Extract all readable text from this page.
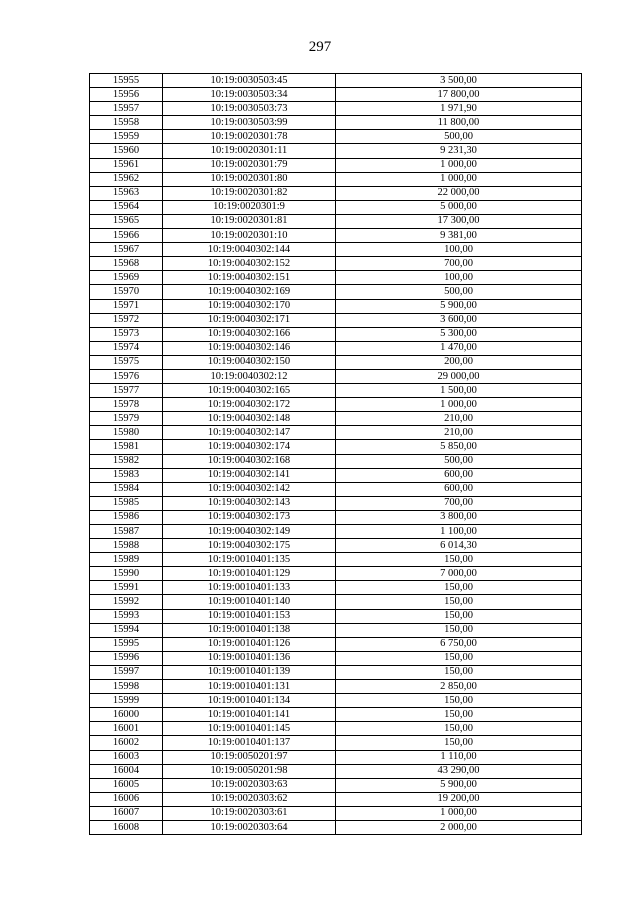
297
15955	10:19:0030503:45	3 500,00
15956	10:19:0030503:34	17 800,00
15957	10:19:0030503:73	1 971,90
15958	10:19:0030503:99	11 800,00
15959	10:19:0020301:78	500,00
15960	10:19:0020301:11	9 231,30
15961	10:19:0020301:79	1 000,00
15962	10:19:0020301:80	1 000,00
15963	10:19:0020301:82	22 000,00
15964	10:19:0020301:9	5 000,00
15965	10:19:0020301:81	17 300,00
15966	10:19:0020301:10	9 381,00
15967	10:19:0040302:144	100,00
15968	10:19:0040302:152	700,00
15969	10:19:0040302:151	100,00
15970	10:19:0040302:169	500,00
15971	10:19:0040302:170	5 900,00
15972	10:19:0040302:171	3 600,00
15973	10:19:0040302:166	5 300,00
15974	10:19:0040302:146	1 470,00
15975	10:19:0040302:150	200,00
15976	10:19:0040302:12	29 000,00
15977	10:19:0040302:165	1 500,00
15978	10:19:0040302:172	1 000,00
15979	10:19:0040302:148	210,00
15980	10:19:0040302:147	210,00
15981	10:19:0040302:174	5 850,00
15982	10:19:0040302:168	500,00
15983	10:19:0040302:141	600,00
15984	10:19:0040302:142	600,00
15985	10:19:0040302:143	700,00
15986	10:19:0040302:173	3 800,00
15987	10:19:0040302:149	1 100,00
15988	10:19:0040302:175	6 014,30
15989	10:19:0010401:135	150,00
15990	10:19:0010401:129	7 000,00
15991	10:19:0010401:133	150,00
15992	10:19:0010401:140	150,00
15993	10:19:0010401:153	150,00
15994	10:19:0010401:138	150,00
15995	10:19:0010401:126	6 750,00
15996	10:19:0010401:136	150,00
15997	10:19:0010401:139	150,00
15998	10:19:0010401:131	2 850,00
15999	10:19:0010401:134	150,00
16000	10:19:0010401:141	150,00
16001	10:19:0010401:145	150,00
16002	10:19:0010401:137	150,00
16003	10:19:0050201:97	1 110,00
16004	10:19:0050201:98	43 290,00
16005	10:19:0020303:63	5 900,00
16006	10:19:0020303:62	19 200,00
16007	10:19:0020303:61	1 000,00
16008	10:19:0020303:64	2 000,00
